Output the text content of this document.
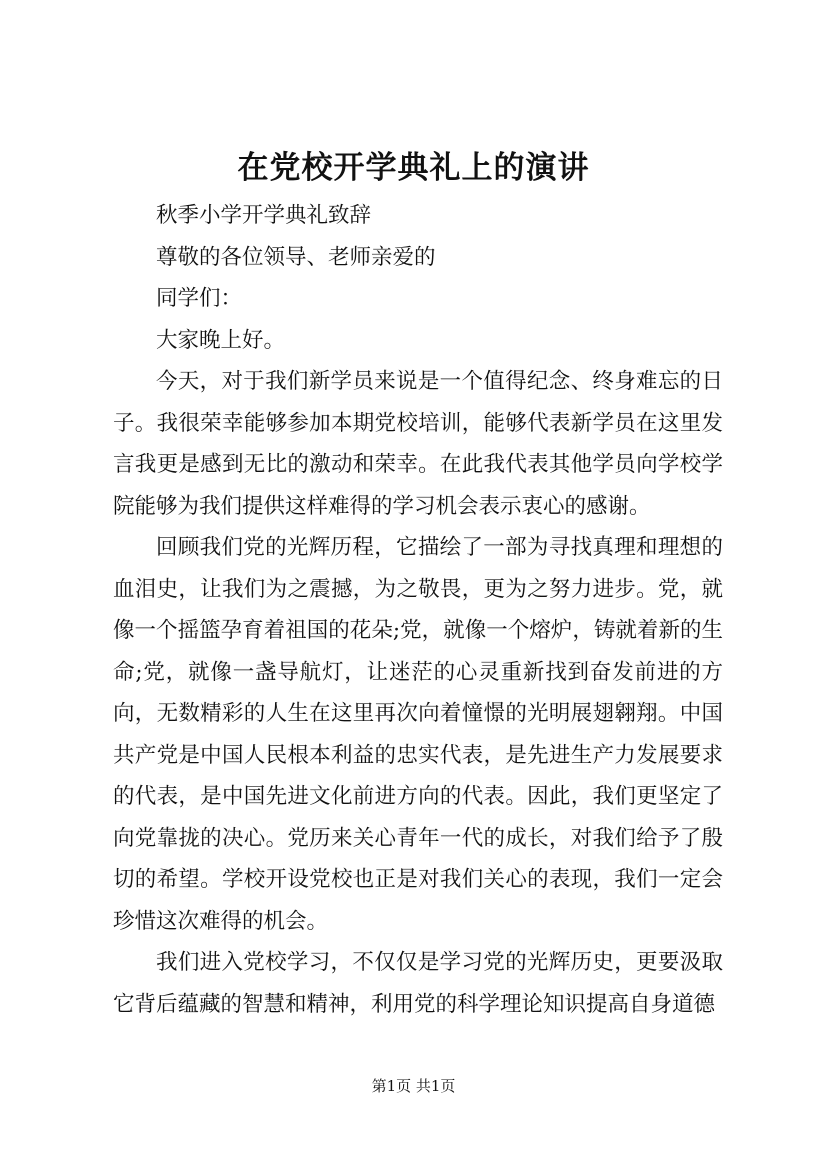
在党校开学典礼上的演讲

秋季小学开学典礼致辞

尊敬的各位领导、老师亲爱的

同学们：

大家晚上好。

今天，对于我们新学员来说是一个值得纪念、终身难忘的日子。我很荣幸能够参加本期党校培训，能够代表新学员在这里发言我更是感到无比的激动和荣幸。在此我代表其他学员向学校学院能够为我们提供这样难得的学习机会表示衷心的感谢。

回顾我们党的光辉历程，它描绘了一部为寻找真理和理想的血泪史，让我们为之震撼，为之敬畏，更为之努力进步。党，就像一个摇篮孕育着祖国的花朵;党，就像一个熔炉，铸就着新的生命;党，就像一盏导航灯，让迷茫的心灵重新找到奋发前进的方向，无数精彩的人生在这里再次向着憧憬的光明展翅翱翔。中国共产党是中国人民根本利益的忠实代表，是先进生产力发展要求的代表，是中国先进文化前进方向的代表。因此，我们更坚定了向党靠拢的决心。党历来关心青年一代的成长，对我们给予了殷切的希望。学校开设党校也正是对我们关心的表现，我们一定会珍惜这次难得的机会。

我们进入党校学习，不仅仅是学习党的光辉历史，更要汲取它背后蕴藏的智慧和精神，利用党的科学理论知识提高自身道德

第1页 共1页
